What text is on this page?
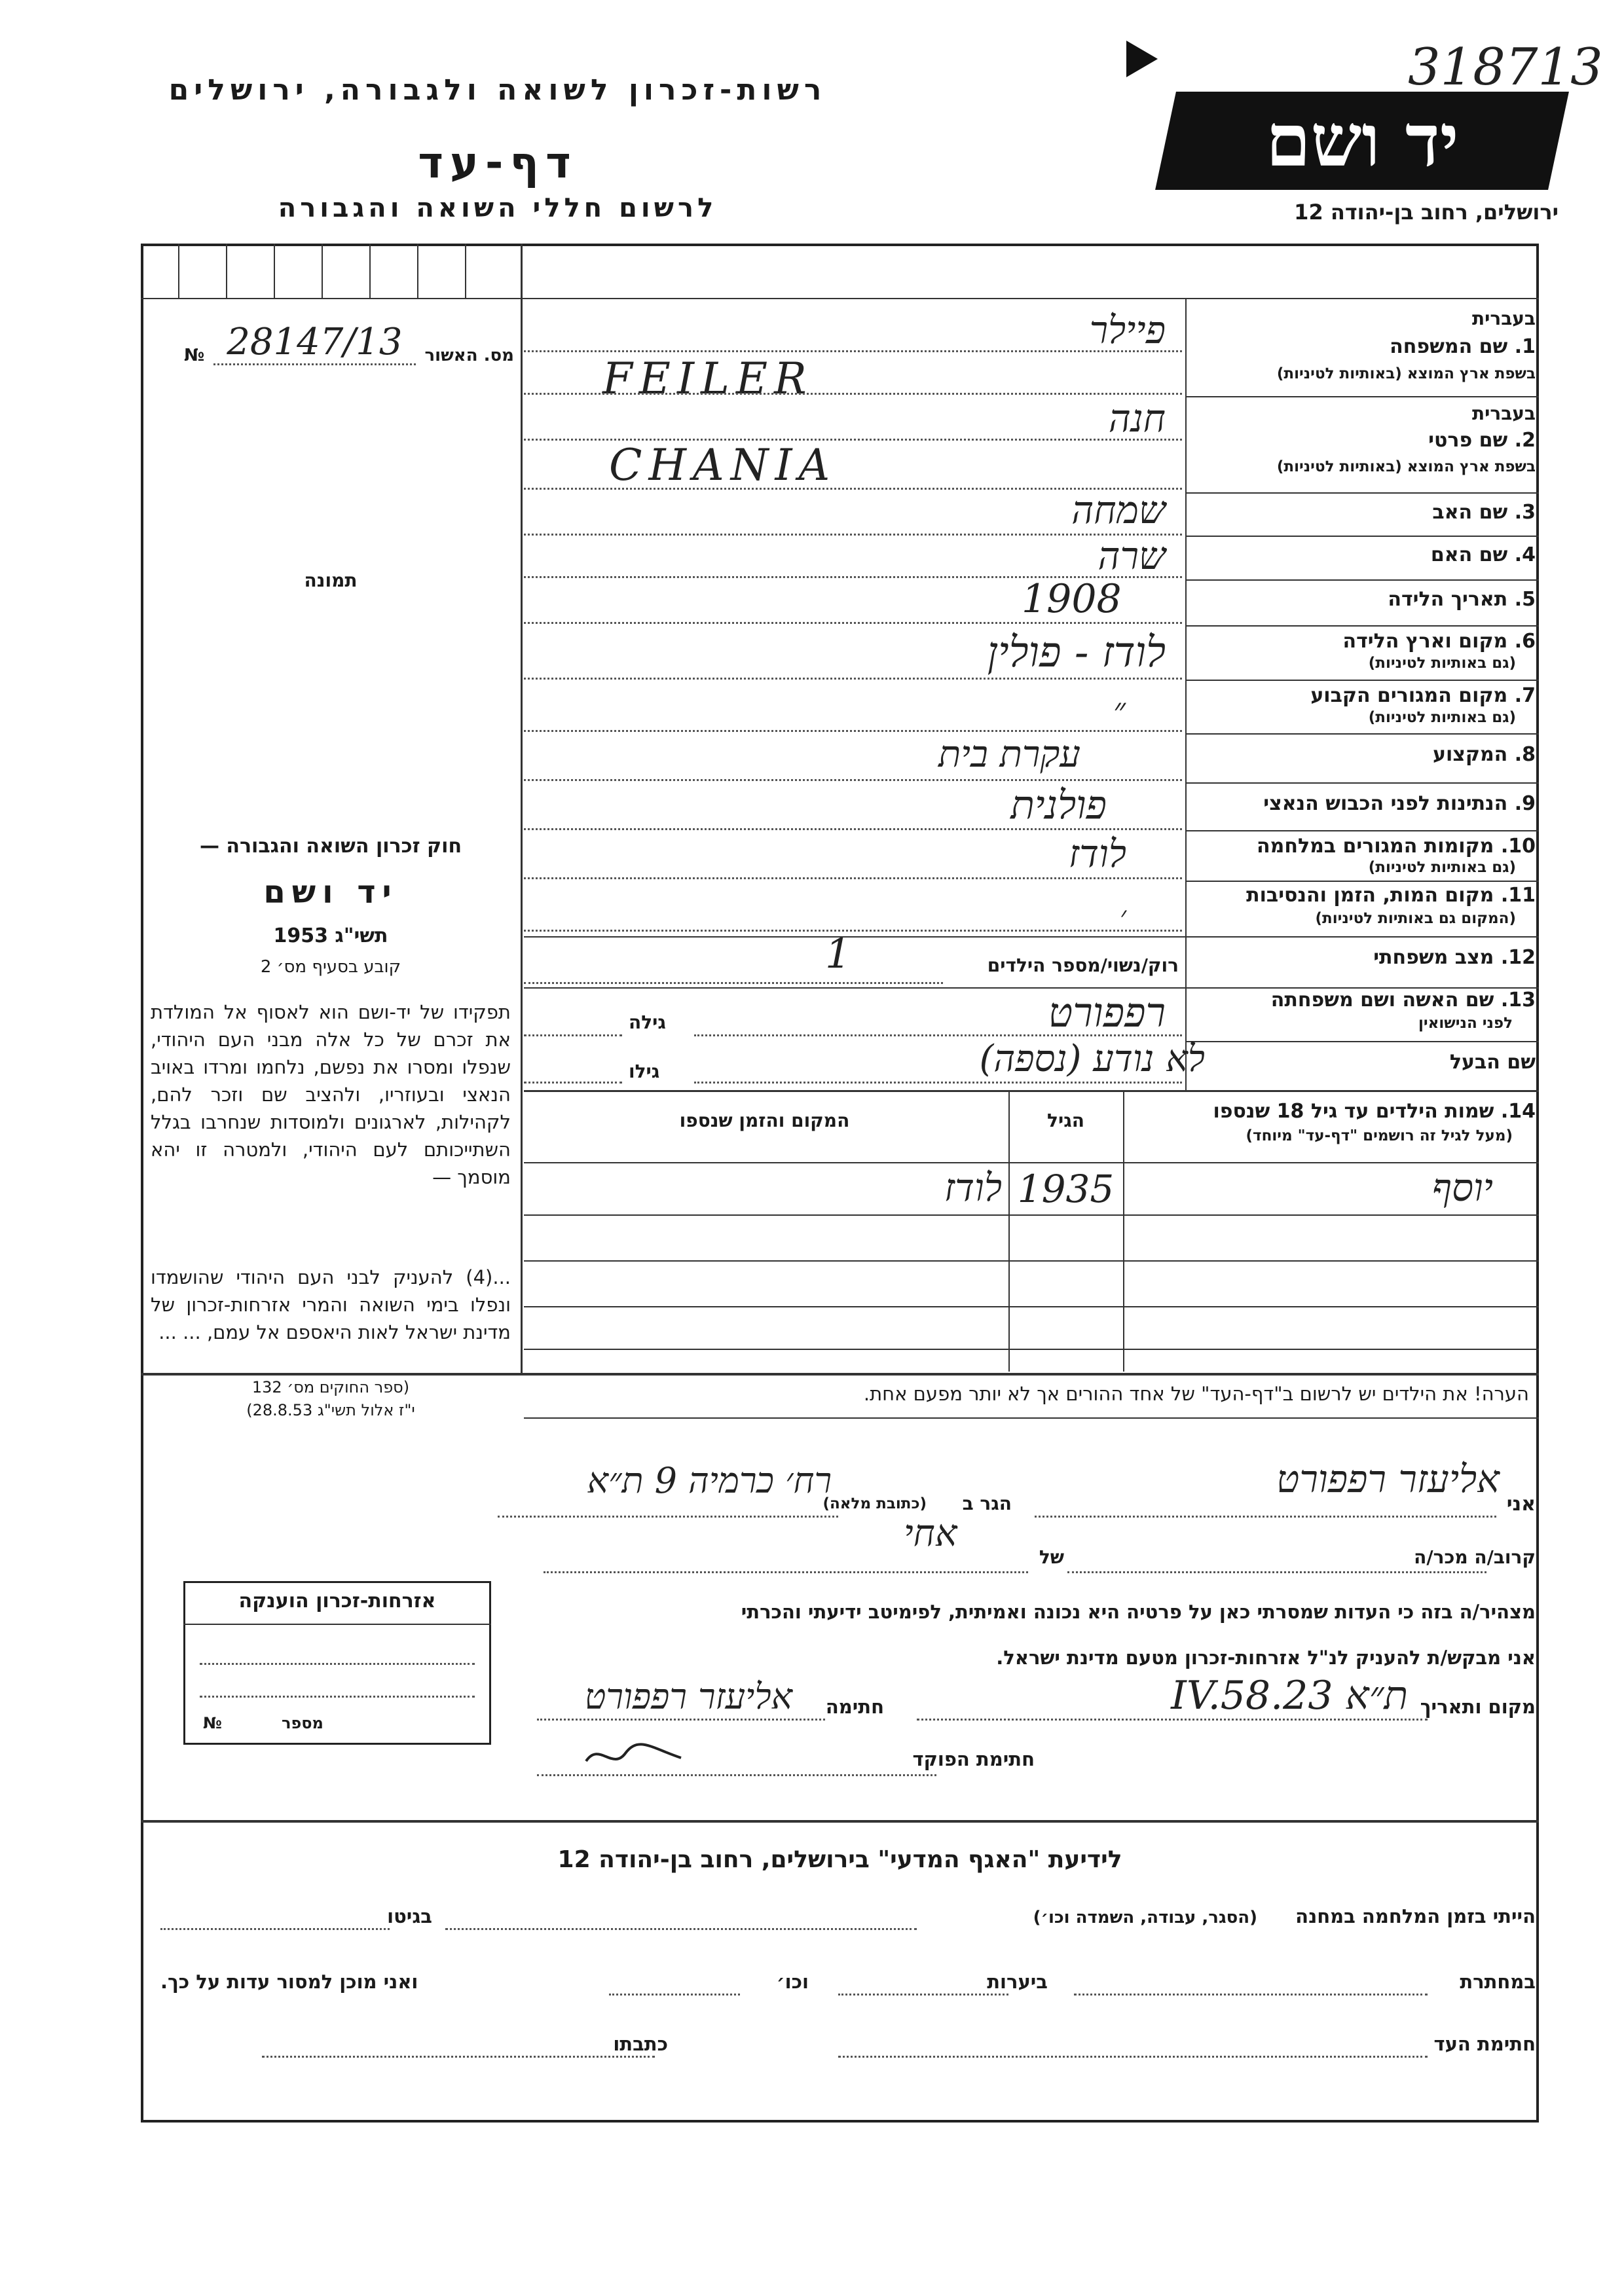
רשות-זכרון לשואה ולגבורה, ירושלים
דף-עד
לרשום חללי השואה והגבורה
יד ושם
318713
ירושלים, רחוב בן-יהודה 12
מס. האשור
28147/13
№
תמונה
חוק זכרון השואה והגבורה —
יד ושם
תשי"ג 1953
קובע בסעיף מס׳ 2
תפקידו של יד-ושם הוא לאסוף אל המולדת את זכרם של כל אלה מבני העם היהודי, שנפלו ומסרו את נפשם, נלחמו ומרדו באויב הנאצי ובעוזריו, ולהציב שם וזכר להם, לקהילות, לארגונים ולמוסדות שנחרבו בגלל השתייכותם לעם היהודי, ולמטרה זו יהא מוסמך —
...(4) להעניק לבני העם היהודי שהושמדו ונפלו בימי השואה והמרי אזרחות-זכרון של מדינת ישראל לאות היאספם אל עמם, ... ...
(ספר החוקים מס׳ 132
י"ז אלול תשי"ג 28.8.53)
בעברית
1. שם המשפחה
בשפת ארץ המוצא (באותיות לטיניות)
פיילר
FEILER
בעברית
2. שם פרטי
בשפת ארץ המוצא (באותיות לטיניות)
חנה
CHANIA
3. שם האב
שמחה
4. שם האם
שרה
5. תאריך הלידה
1908
6. מקום וארץ הלידה
(גם באותיות לטיניות)
לודז - פולין
7. מקום המגורים הקבוע
(גם באותיות לטיניות)
״
8. המקצוע
עקרת בית
9. הנתינות לפני הכבוש הנאצי
פולנית
10. מקומות המגורים במלחמה
(גם באותיות לטיניות)
לודז
11. מקום המות, הזמן והנסיבות
(המקום גם באותיות לטיניות)
׳
12. מצב משפחתי
רוק/נשוי/מספר הילדים
1
13. שם האשה ושם משפחתה
לפני הנישואין
גילה	רפפורט
שם הבעל
גילו	לא נודע (נספה)
14. שמות הילדים עד גיל 18 שנספו
(מעל לגיל זה רושמים "דף-עד" מיוחד)
הגיל
המקום והזמן שנספו
יוסף
1935
לודז
הערה! את הילדים יש לרשום ב"דף-העד" של אחד ההורים אך לא יותר מפעם אחת.
אני
אליעזר רפפורט
הגר ב
(כתובת מלאה)
רח׳ כרמיה 9 ת״א
קרוב/ה מכר/ה
של
אחי
מצהיר/ה בזה כי העדות שמסרתי כאן על פרטיה היא נכונה ואמיתית, לפימיטב ידיעתי והכרתי
אני מבקש/ת להעניק לנ"ל אזרחות-זכרון מטעם מדינת ישראל.
מקום ותאריך
ת״א 23.IV.58
חתימה
אליעזר רפפורט
חתימת הפוקד
אזרחות-זכרון הוענקה
מספר
№
לידיעת "האגף המדעי" בירושלים, רחוב בן-יהודה 12
הייתי בזמן המלחמה במחנה
(הסגר, עבודה, השמדה וכו׳)
בגיטו
במחתרת
ביערות
וכו׳
ואני מוכן למסור עדות על כך.
חתימת העד
כתבתו
